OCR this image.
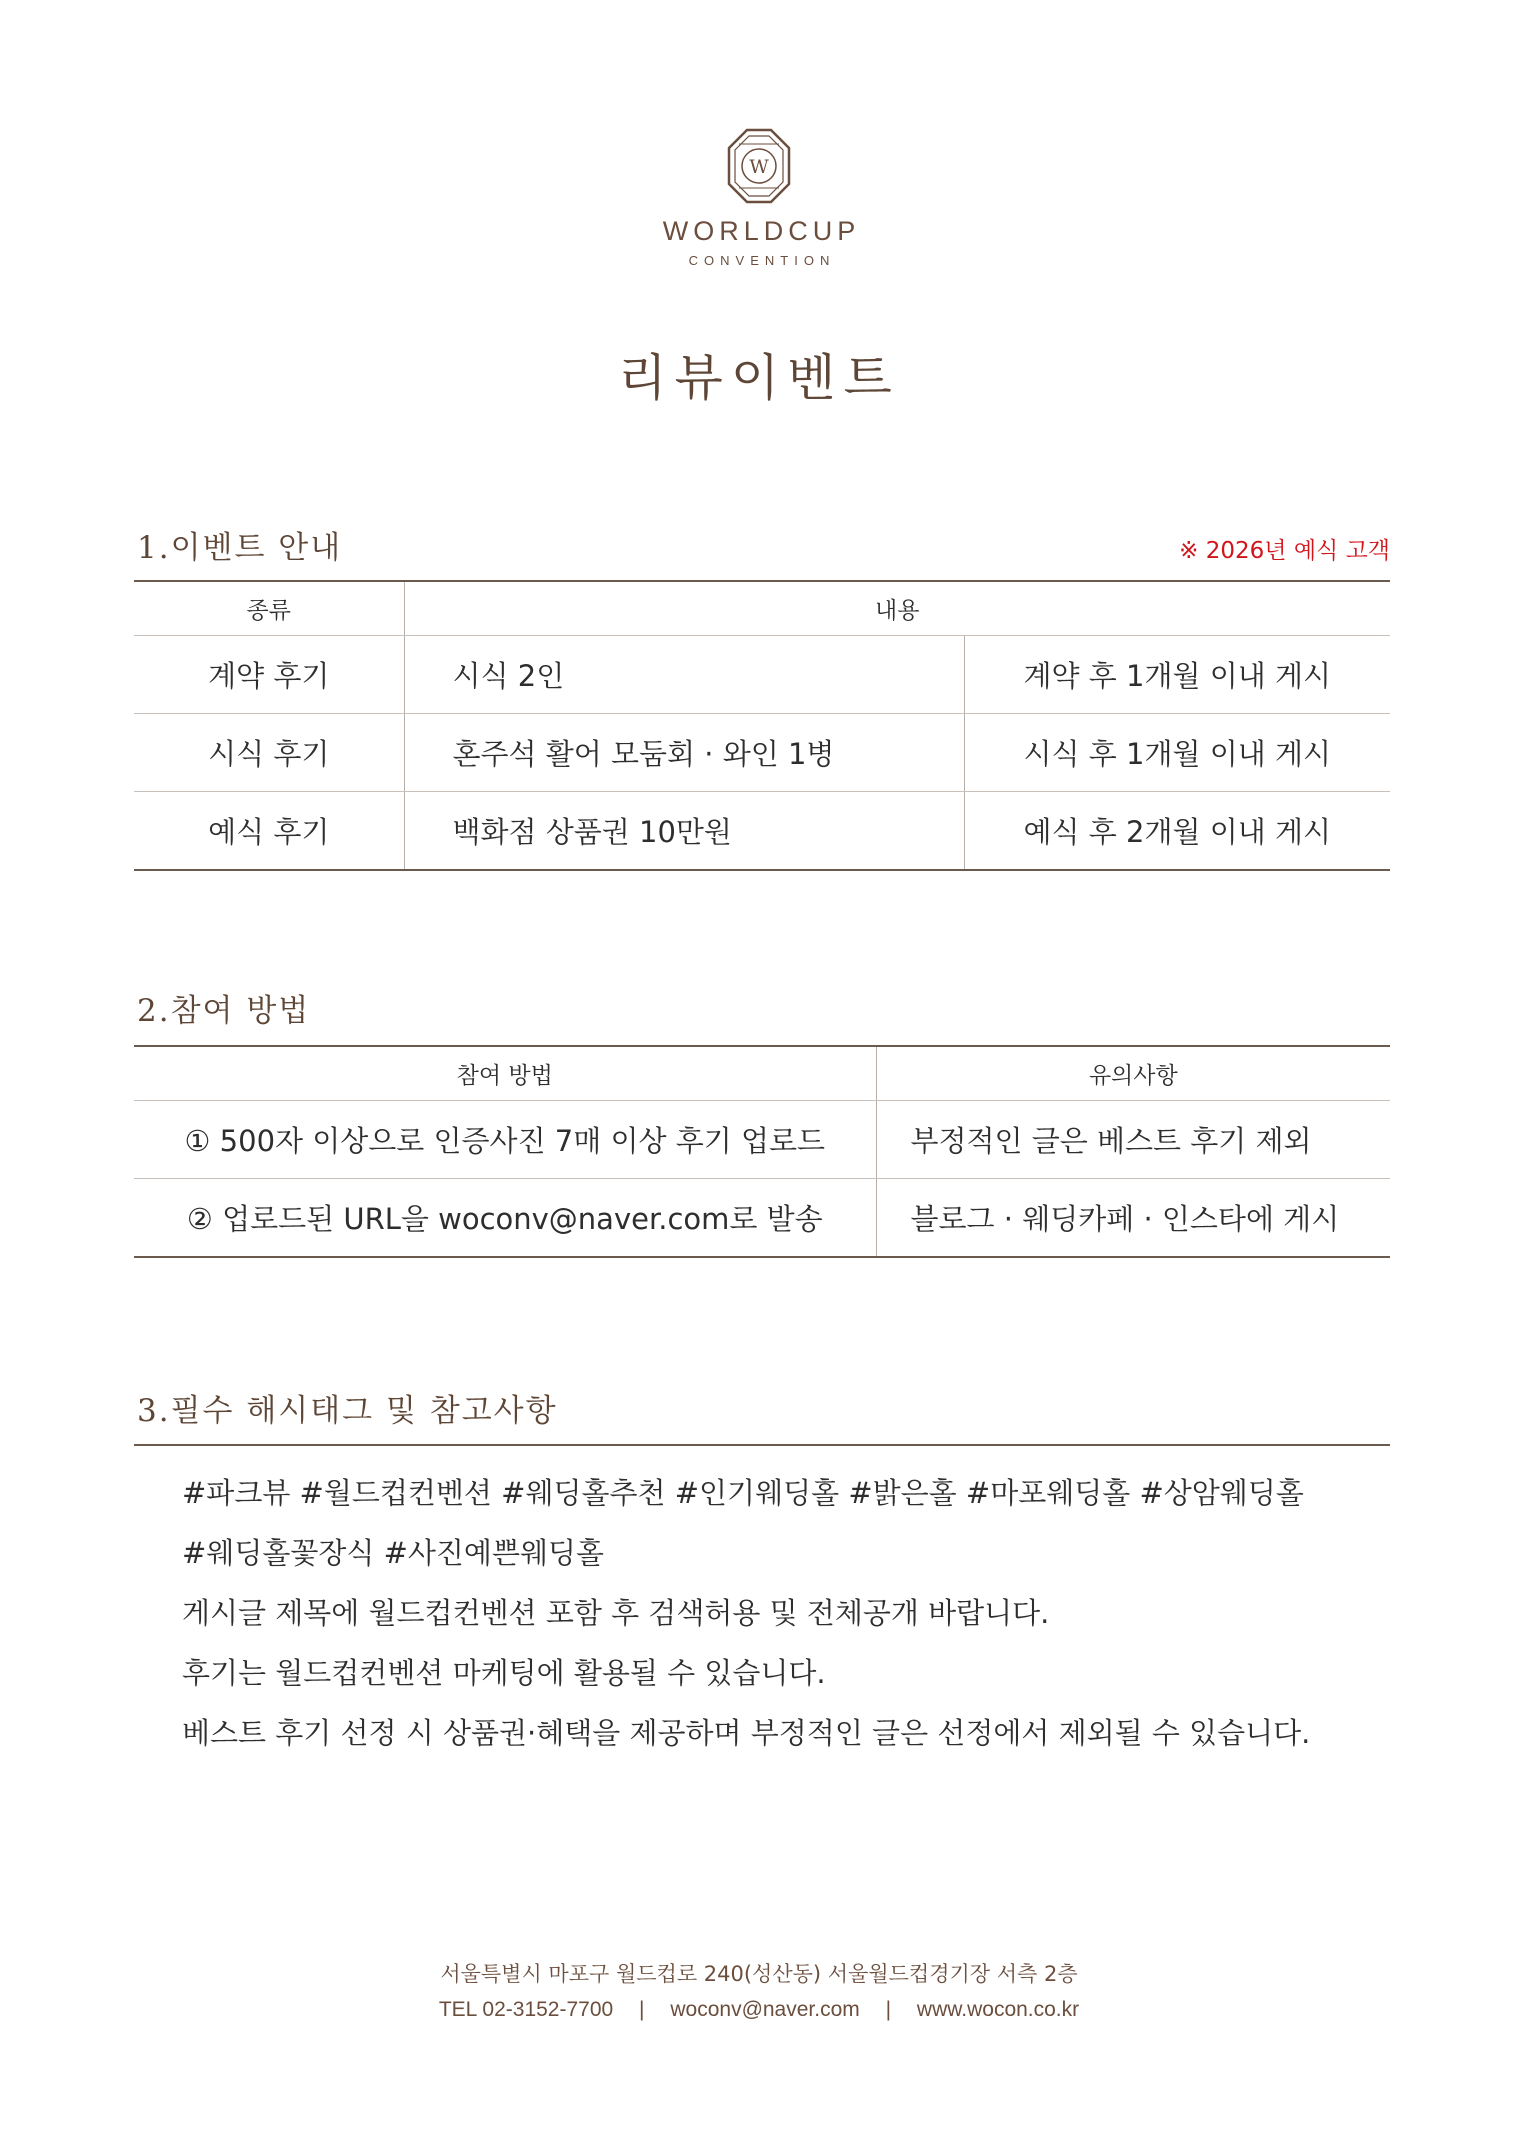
W
WORLDCUP
CONVENTION
리뷰이벤트
1.이벤트 안내	※ 2026년 예식 고객
종류	내용	
계약 후기	시식 2인	계약 후 1개월 이내 게시
시식 후기	혼주석 활어 모둠회 · 와인 1병	시식 후 1개월 이내 게시
예식 후기	백화점 상품권 10만원	예식 후 2개월 이내 게시
2.참여 방법
참여 방법	유의사항
① 500자 이상으로 인증사진 7매 이상 후기 업로드	부정적인 글은 베스트 후기 제외
② 업로드된 URL을 woconv@naver.com로 발송	블로그 · 웨딩카페 · 인스타에 게시
3.필수 해시태그 및 참고사항
#파크뷰 #월드컵컨벤션 #웨딩홀추천 #인기웨딩홀 #밝은홀 #마포웨딩홀 #상암웨딩홀
#웨딩홀꽃장식 #사진예쁜웨딩홀
게시글 제목에 월드컵컨벤션 포함 후 검색허용 및 전체공개 바랍니다.
후기는 월드컵컨벤션 마케팅에 활용될 수 있습니다.
베스트 후기 선정 시 상품권·혜택을 제공하며 부정적인 글은 선정에서 제외될 수 있습니다.
서울특별시 마포구 월드컵로 240(성산동) 서울월드컵경기장 서측 2층
TEL 02-3152-7700 | woconv@naver.com | www.wocon.co.kr
